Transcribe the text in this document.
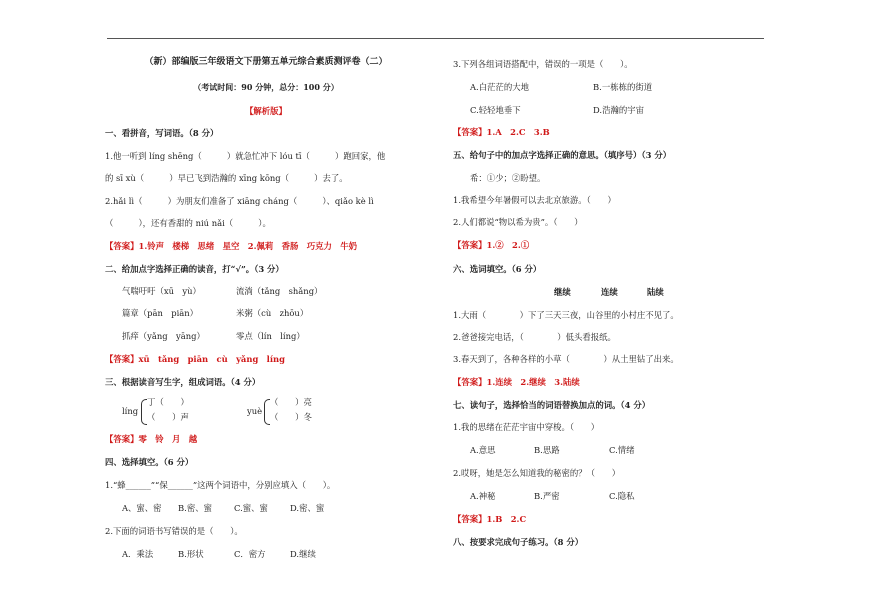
（新）部编版三年级语文下册第五单元综合素质测评卷（二）
（考试时间：90 分钟，总分：100 分）
【解析版】
一、看拼音，写词语。（8 分）
1.他一听到 líng shēng（　　　）就急忙冲下 lóu tī（　　　）跑回家，他
的 sī xù（　　　）早已飞到浩瀚的 xīng kōng（　　　）去了。
2.hǎi lì（　　　）为朋友们准备了 xiāng cháng（　　　）、qiǎo kè lì
（　　　），还有香甜的 niú nǎi（　　　）。
【答案】1.铃声　楼梯　思绪　星空　2.佩莉　香肠　巧克力　牛奶
二、给加点字选择正确的读音，打“√”。（3 分）
气喘吁吁（xū　yù）	流淌（tǎng　shǎng）
篇章（pān　piān）	米粥（cù　zhōu）
抓痒（yǎng　yāng）	零点（lín　líng）
【答案】xū　tǎng　piān　cù　yǎng　líng
三、根据读音写生字，组成词语。（4 分）
líng
丁（　　）
（　　）声
yuè
（　　）亮
（　　）冬
【答案】零　铃　月　越
四、选择填空。（6 分）
1.“蜂______”“保______”这两个词语中，分别应填入（　　）。
A、蜜、密 B.密、蜜	C.蜜、蜜	D.密、蜜
2.下面的词语书写错误的是（　　）。
A．乘法	B.形状	C．密方	D.继续
3.下列各组词语搭配中，错误的一项是（　　）。
A.白茫茫的大地	B.一栋栋的街道
C.轻轻地垂下	D.浩瀚的宇宙
【答案】1.A　2.C　3.B
五、给句子中的加点字选择正确的意思。（填序号）（3 分）
希：①少；②盼望。
1.我希望今年暑假可以去北京旅游。（　　）
2.人们都说“物以希为贵”。（　　）
【答案】1.②　2.①
六、选词填空。（6 分）
继续	连续	陆续
1.大雨（　　　　）下了三天三夜，山谷里的小村庄不见了。
2.爸爸接完电话，（　　　　）低头看报纸。
3.春天到了，各种各样的小草（　　　　）从土里钻了出来。
【答案】1.连续　2.继续　3.陆续
七、读句子，选择恰当的词语替换加点的词。（4 分）
1.我的思绪在茫茫宇宙中穿梭。（　　）
A.意思	B.思路	C.情绪
2.哎呀，她是怎么知道我的秘密的？（　　）
A.神秘	B.严密	C.隐私
【答案】1.B　2.C
八、按要求完成句子练习。（8 分）
